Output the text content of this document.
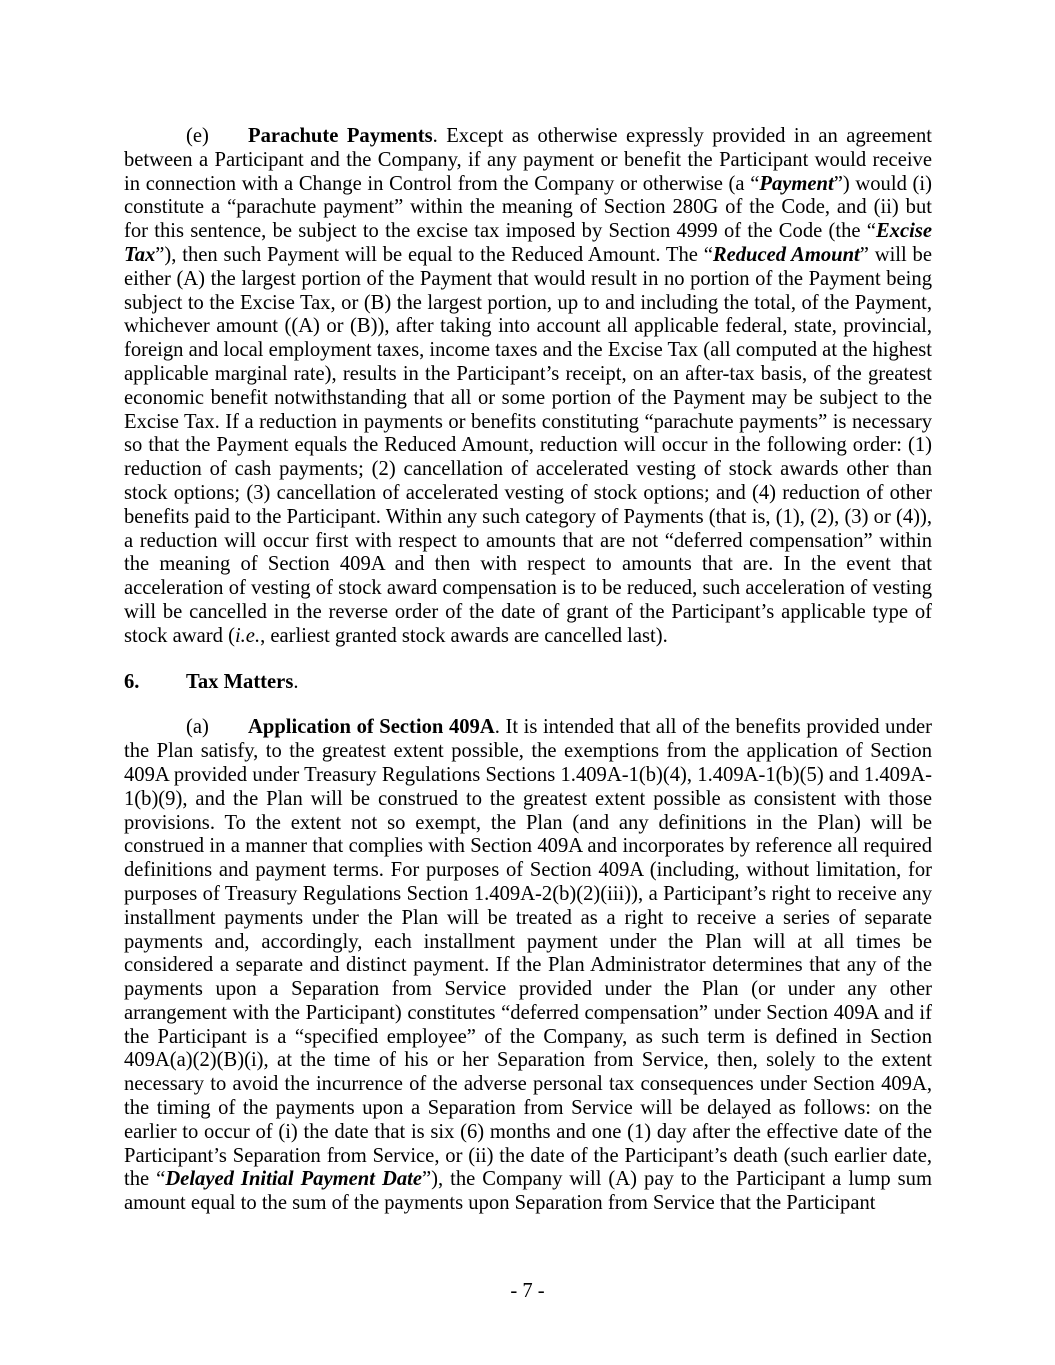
(e) Parachute Payments. Except as otherwise expressly provided in an agreement between a Participant and the Company, if any payment or benefit the Participant would receive in connection with a Change in Control from the Company or otherwise (a “Payment”) would (i) constitute a “parachute payment” within the meaning of Section 280G of the Code, and (ii) but for this sentence, be subject to the excise tax imposed by Section 4999 of the Code (the “Excise Tax”), then such Payment will be equal to the Reduced Amount. The “Reduced Amount” will be either (A) the largest portion of the Payment that would result in no portion of the Payment being subject to the Excise Tax, or (B) the largest portion, up to and including the total, of the Payment, whichever amount ((A) or (B)), after taking into account all applicable federal, state, provincial, foreign and local employment taxes, income taxes and the Excise Tax (all computed at the highest applicable marginal rate), results in the Participant’s receipt, on an after-tax basis, of the greatest economic benefit notwithstanding that all or some portion of the Payment may be subject to the Excise Tax. If a reduction in payments or benefits constituting “parachute payments” is necessary so that the Payment equals the Reduced Amount, reduction will occur in the following order: (1) reduction of cash payments; (2) cancellation of accelerated vesting of stock awards other than stock options; (3) cancellation of accelerated vesting of stock options; and (4) reduction of other benefits paid to the Participant. Within any such category of Payments (that is, (1), (2), (3) or (4)), a reduction will occur first with respect to amounts that are not “deferred compensation” within the meaning of Section 409A and then with respect to amounts that are. In the event that acceleration of vesting of stock award compensation is to be reduced, such acceleration of vesting will be cancelled in the reverse order of the date of grant of the Participant’s applicable type of stock award (i.e., earliest granted stock awards are cancelled last).

6. Tax Matters.

(a) Application of Section 409A. It is intended that all of the benefits provided under the Plan satisfy, to the greatest extent possible, the exemptions from the application of Section 409A provided under Treasury Regulations Sections 1.409A-1(b)(4), 1.409A-1(b)(5) and 1.409A-1(b)(9), and the Plan will be construed to the greatest extent possible as consistent with those provisions. To the extent not so exempt, the Plan (and any definitions in the Plan) will be construed in a manner that complies with Section 409A and incorporates by reference all required definitions and payment terms. For purposes of Section 409A (including, without limitation, for purposes of Treasury Regulations Section 1.409A-2(b)(2)(iii)), a Participant’s right to receive any installment payments under the Plan will be treated as a right to receive a series of separate payments and, accordingly, each installment payment under the Plan will at all times be considered a separate and distinct payment. If the Plan Administrator determines that any of the payments upon a Separation from Service provided under the Plan (or under any other arrangement with the Participant) constitutes “deferred compensation” under Section 409A and if the Participant is a “specified employee” of the Company, as such term is defined in Section 409A(a)(2)(B)(i), at the time of his or her Separation from Service, then, solely to the extent necessary to avoid the incurrence of the adverse personal tax consequences under Section 409A, the timing of the payments upon a Separation from Service will be delayed as follows: on the earlier to occur of (i) the date that is six (6) months and one (1) day after the effective date of the Participant’s Separation from Service, or (ii) the date of the Participant’s death (such earlier date, the “Delayed Initial Payment Date”), the Company will (A) pay to the Participant a lump sum amount equal to the sum of the payments upon Separation from Service that the Participant

- 7 -
